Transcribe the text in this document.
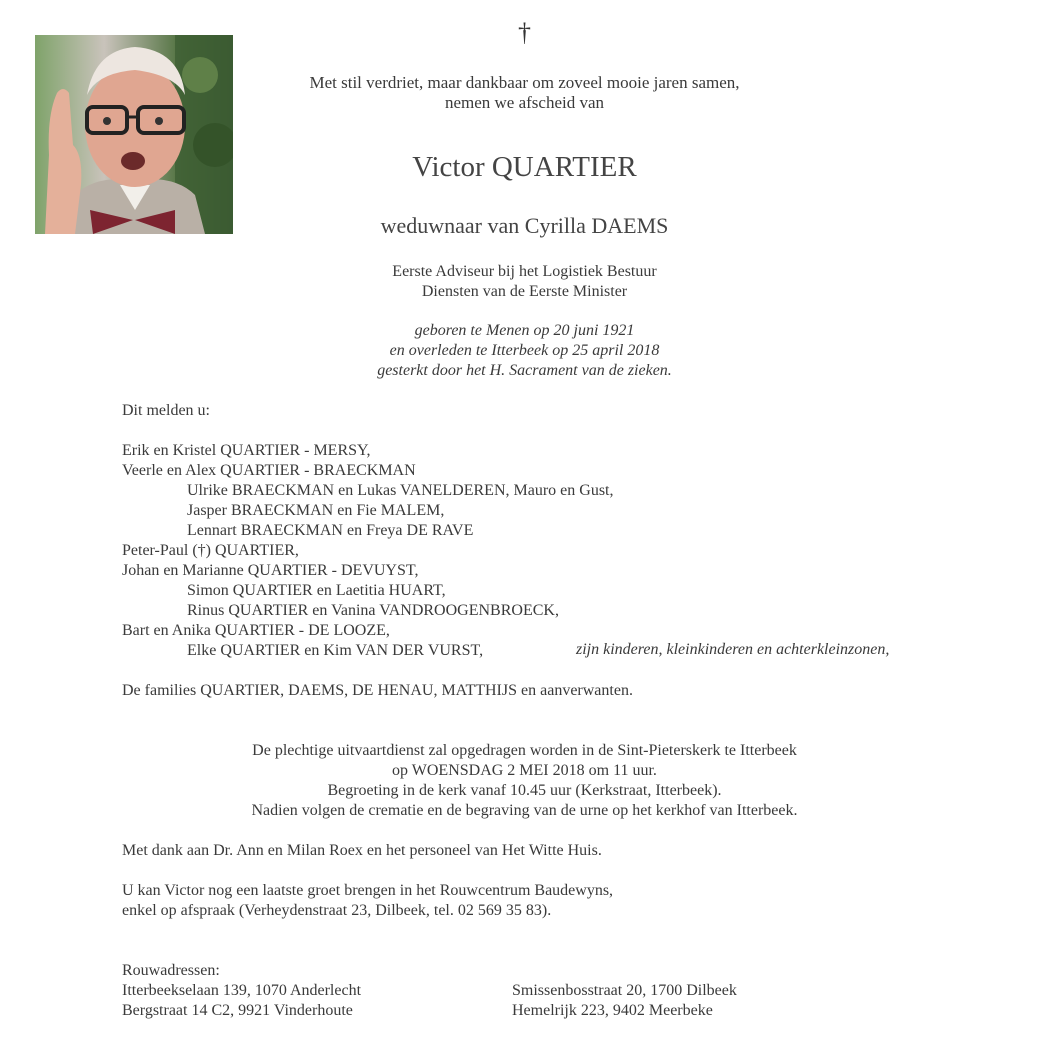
†
Met stil verdriet, maar dankbaar om zoveel mooie jaren samen,
nemen we afscheid van
Victor QUARTIER
weduwnaar van Cyrilla DAEMS
Eerste Adviseur bij het Logistiek Bestuur
Diensten van de Eerste Minister
geboren te Menen op 20 juni 1921
en overleden te Itterbeek op 25 april 2018
gesterkt door het H. Sacrament van de zieken.
Dit melden u:
Erik en Kristel QUARTIER - MERSY,
Veerle en Alex QUARTIER - BRAECKMAN
Ulrike BRAECKMAN en Lukas VANELDEREN, Mauro en Gust,
Jasper BRAECKMAN en Fie MALEM,
Lennart BRAECKMAN en Freya DE RAVE
Peter-Paul (†) QUARTIER,
Johan en Marianne QUARTIER - DEVUYST,
Simon QUARTIER en Laetitia HUART,
Rinus QUARTIER en Vanina VANDROOGENBROECK,
Bart en Anika QUARTIER - DE LOOZE,
Elke QUARTIER en Kim VAN DER VURST,	zijn kinderen, kleinkinderen en achterkleinzonen,
De families QUARTIER, DAEMS, DE HENAU, MATTHIJS en aanverwanten.
De plechtige uitvaartdienst zal opgedragen worden in de Sint-Pieterskerk te Itterbeek
op WOENSDAG 2 MEI 2018 om 11 uur.
Begroeting in de kerk vanaf 10.45 uur (Kerkstraat, Itterbeek).
Nadien volgen de crematie en de begraving van de urne op het kerkhof van Itterbeek.
Met dank aan Dr. Ann en Milan Roex en het personeel van Het Witte Huis.
U kan Victor nog een laatste groet brengen in het Rouwcentrum Baudewyns,
enkel op afspraak (Verheydenstraat 23, Dilbeek, tel. 02 569 35 83).
Rouwadressen:
Itterbeekselaan 139, 1070 Anderlecht
Bergstraat 14 C2, 9921 Vinderhoute
Smissenbosstraat 20, 1700 Dilbeek
Hemelrijk 223, 9402 Meerbeke
